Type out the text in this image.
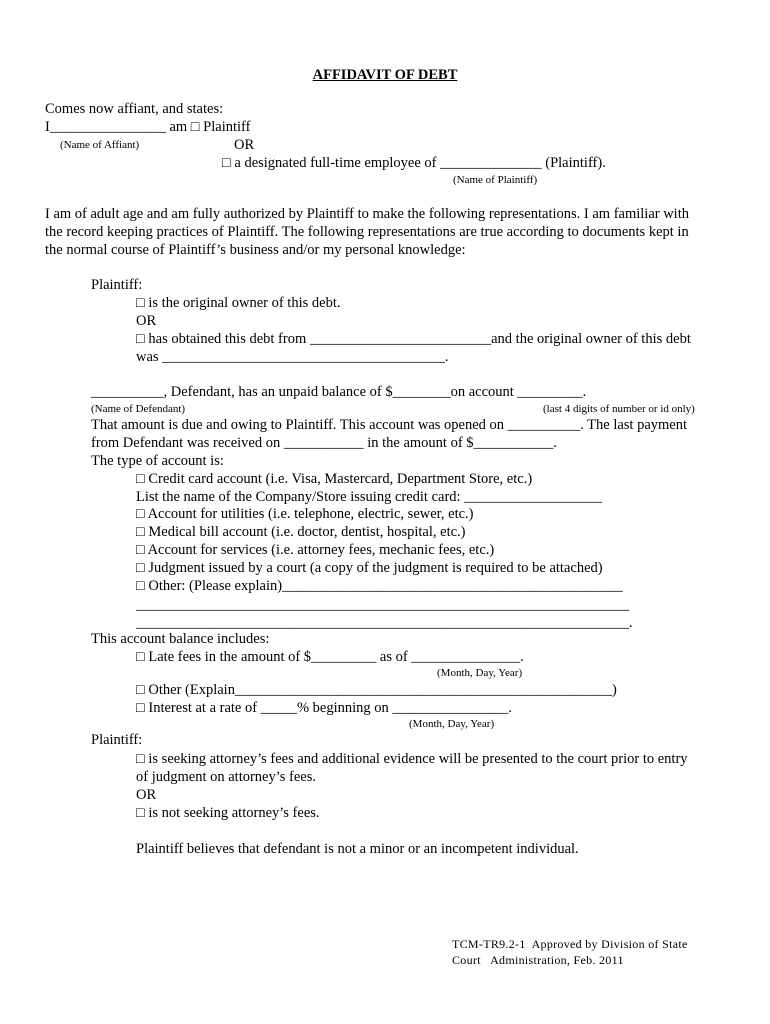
AFFIDAVIT OF DEBT
Comes now affiant, and states:
I________________ am □ Plaintiff
(Name of Affiant)	OR
□ a designated full-time employee of ______________ (Plaintiff).
(Name of Plaintiff)
I am of adult age and am fully authorized by Plaintiff to make the following representations. I am familiar with
the record keeping practices of Plaintiff. The following representations are true according to documents kept in
the normal course of Plaintiff’s business and/or my personal knowledge:
Plaintiff:
□ is the original owner of this debt.
OR
□ has obtained this debt from _________________________and the original owner of this debt
was _______________________________________.
__________, Defendant, has an unpaid balance of $________on account _________.
(Name of Defendant)	(last 4 digits of number or id only)
That amount is due and owing to Plaintiff. This account was opened on __________. The last payment
from Defendant was received on ___________ in the amount of $___________.
The type of account is:
□ Credit card account (i.e. Visa, Mastercard, Department Store, etc.)
List the name of the Company/Store issuing credit card: ___________________
□ Account for utilities (i.e. telephone, electric, sewer, etc.)
□ Medical bill account (i.e. doctor, dentist, hospital, etc.)
□ Account for services (i.e. attorney fees, mechanic fees, etc.)
□ Judgment issued by a court (a copy of the judgment is required to be attached)
□ Other: (Please explain)_______________________________________________
____________________________________________________________________
____________________________________________________________________.
This account balance includes:
□ Late fees in the amount of $_________ as of _______________.
(Month, Day, Year)
□ Other (Explain____________________________________________________)
□ Interest at a rate of _____% beginning on ________________.
(Month, Day, Year)
Plaintiff:
□ is seeking attorney’s fees and additional evidence will be presented to the court prior to entry
of judgment on attorney’s fees.
OR
□ is not seeking attorney’s fees.
Plaintiff believes that defendant is not a minor or an incompetent individual.
TCM-TR9.2-1  Approved by Division of State
Court   Administration, Feb. 2011
